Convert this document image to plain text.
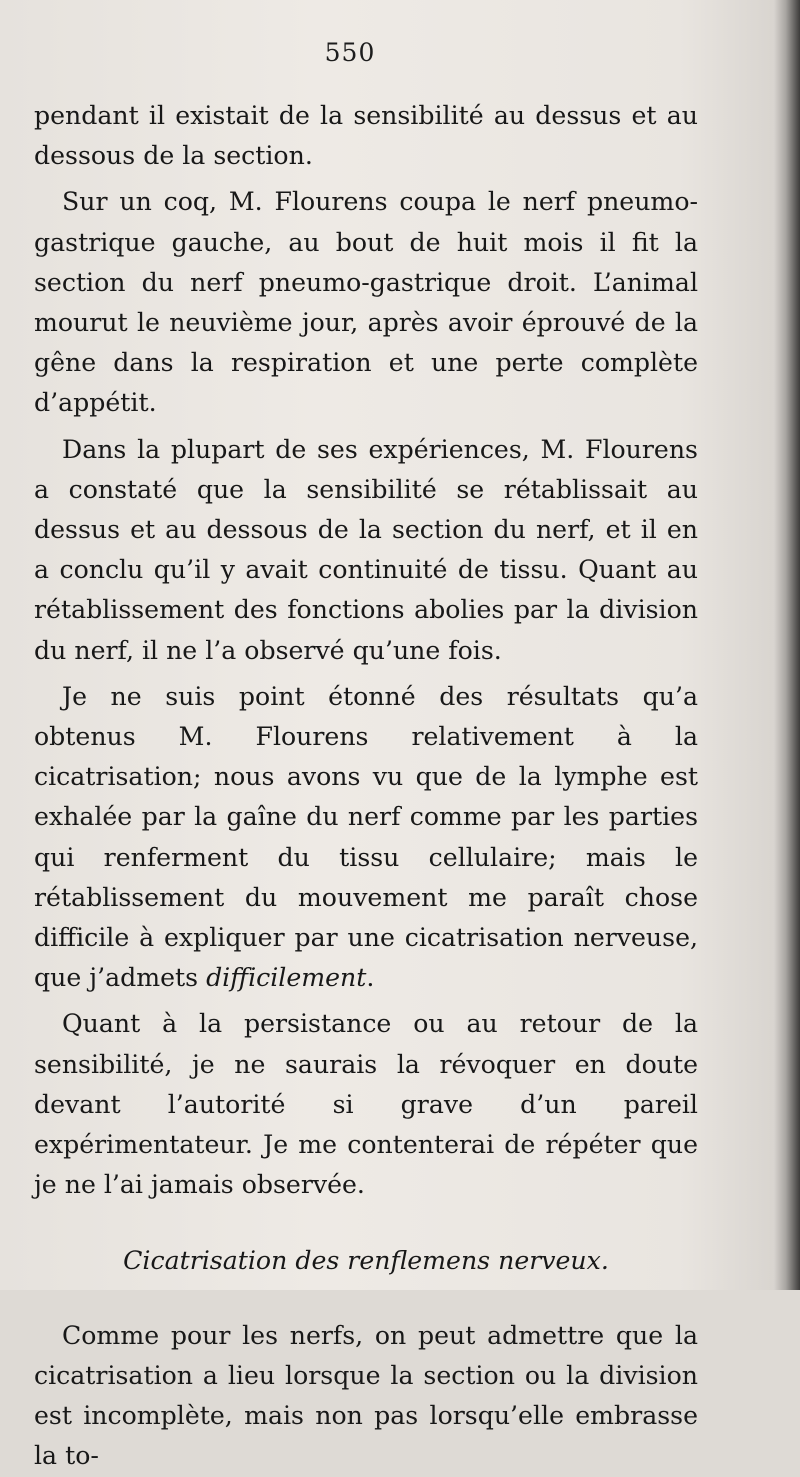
550

pendant il existait de la sensibilité au dessus et au dessous de la section.

Sur un coq, M. Flourens coupa le nerf pneumo-gastrique gauche, au bout de huit mois il fit la section du nerf pneumo-gastrique droit. L’animal mourut le neuvième jour, après avoir éprouvé de la gêne dans la respiration et une perte complète d’appétit.

Dans la plupart de ses expériences, M. Flourens a constaté que la sensibilité se rétablissait au dessus et au dessous de la section du nerf, et il en a conclu qu’il y avait continuité de tissu. Quant au rétablissement des fonctions abolies par la division du nerf, il ne l’a observé qu’une fois.

Je ne suis point étonné des résultats qu’a obtenus M. Flourens relativement à la cicatrisation; nous avons vu que de la lymphe est exhalée par la gaîne du nerf comme par les parties qui renferment du tissu cellulaire; mais le rétablissement du mouvement me paraît chose difficile à expliquer par une cicatrisation nerveuse, que j’admets difficilement.

Quant à la persistance ou au retour de la sensibilité, je ne saurais la révoquer en doute devant l’autorité si grave d’un pareil expérimentateur. Je me contenterai de répéter que je ne l’ai jamais observée.

Cicatrisation des renflemens nerveux.

Comme pour les nerfs, on peut admettre que la cicatrisation a lieu lorsque la section ou la division est incomplète, mais non pas lorsqu’elle embrasse la to-
